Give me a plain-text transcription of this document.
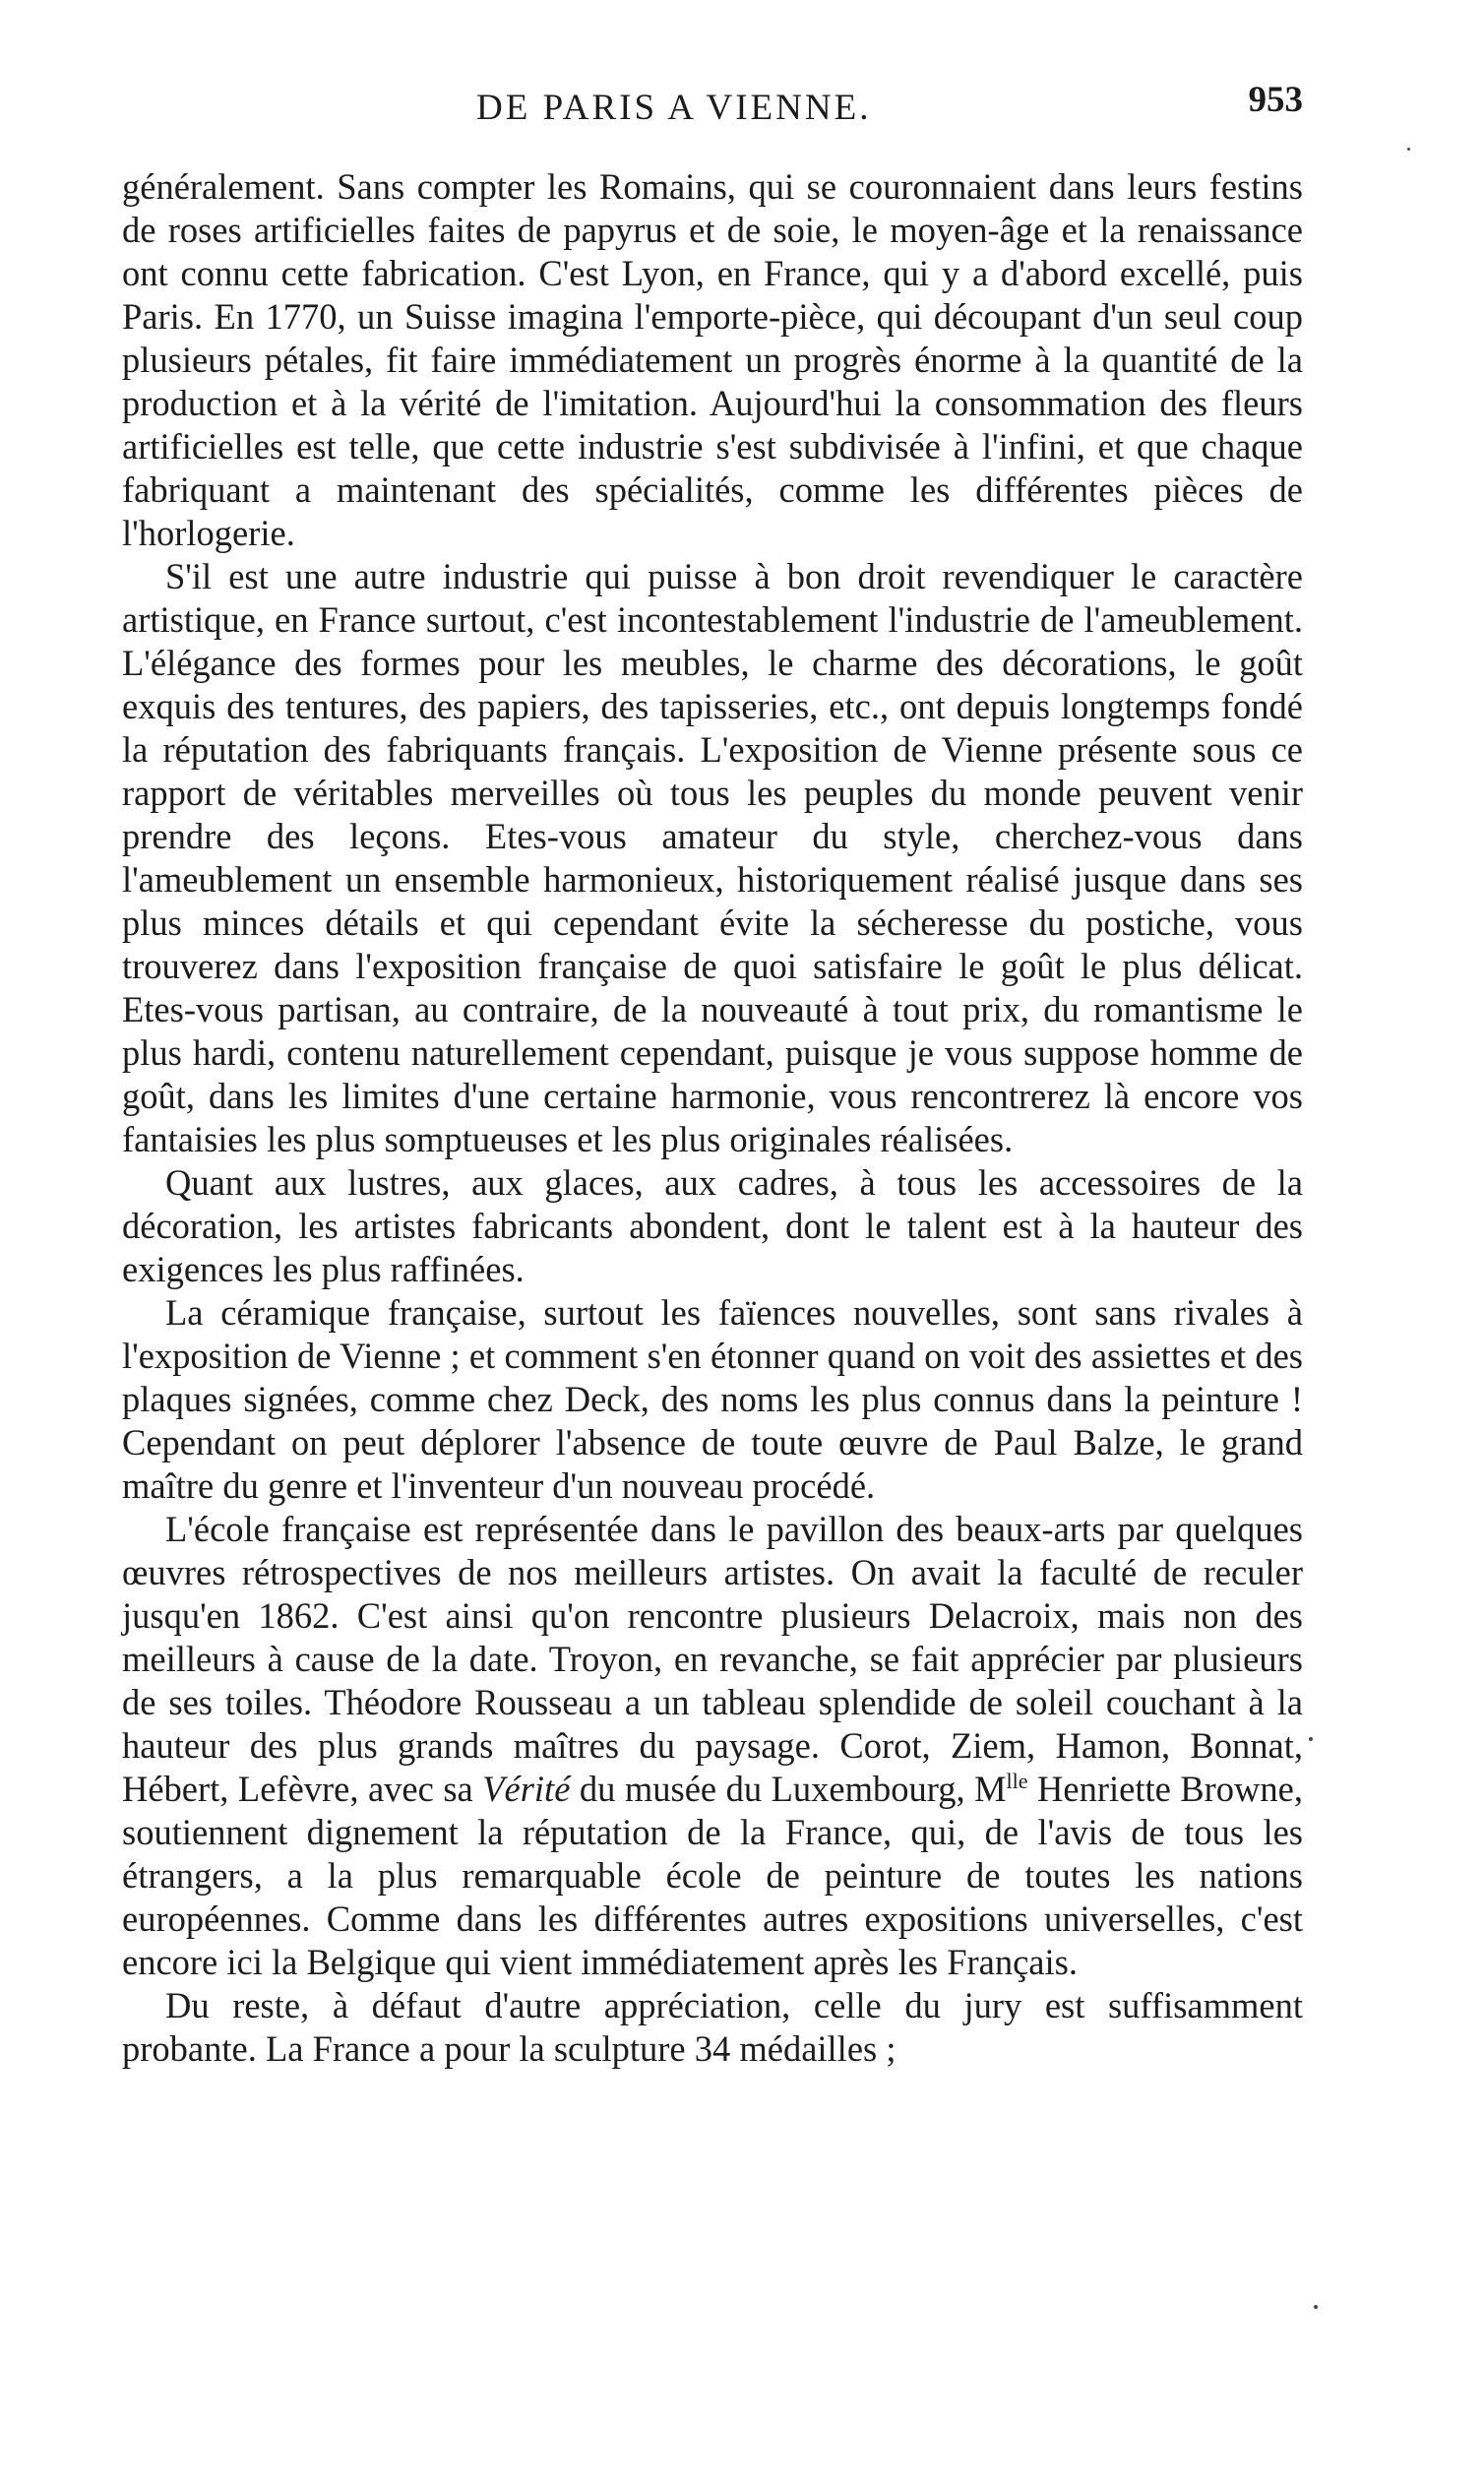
DE PARIS A VIENNE.	953

généralement. Sans compter les Romains, qui se couronnaient dans leurs festins de roses artificielles faites de papyrus et de soie, le moyen-âge et la renaissance ont connu cette fabrication. C'est Lyon, en France, qui y a d'abord excellé, puis Paris. En 1770, un Suisse imagina l'emporte-pièce, qui découpant d'un seul coup plusieurs pétales, fit faire immédiatement un progrès énorme à la quantité de la production et à la vérité de l'imitation. Aujourd'hui la consommation des fleurs artificielles est telle, que cette industrie s'est subdivisée à l'infini, et que chaque fabriquant a maintenant des spécialités, comme les différentes pièces de l'horlogerie.

S'il est une autre industrie qui puisse à bon droit revendiquer le caractère artistique, en France surtout, c'est incontestablement l'industrie de l'ameublement. L'élégance des formes pour les meubles, le charme des décorations, le goût exquis des tentures, des papiers, des tapisseries, etc., ont depuis longtemps fondé la réputation des fabriquants français. L'exposition de Vienne présente sous ce rapport de véritables merveilles où tous les peuples du monde peuvent venir prendre des leçons. Etes-vous amateur du style, cherchez-vous dans l'ameublement un ensemble harmonieux, historiquement réalisé jusque dans ses plus minces détails et qui cependant évite la sécheresse du postiche, vous trouverez dans l'exposition française de quoi satisfaire le goût le plus délicat. Etes-vous partisan, au contraire, de la nouveauté à tout prix, du romantisme le plus hardi, contenu naturellement cependant, puisque je vous suppose homme de goût, dans les limites d'une certaine harmonie, vous rencontrerez là encore vos fantaisies les plus somptueuses et les plus originales réalisées.

Quant aux lustres, aux glaces, aux cadres, à tous les accessoires de la décoration, les artistes fabricants abondent, dont le talent est à la hauteur des exigences les plus raffinées.

La céramique française, surtout les faïences nouvelles, sont sans rivales à l'exposition de Vienne ; et comment s'en étonner quand on voit des assiettes et des plaques signées, comme chez Deck, des noms les plus connus dans la peinture ! Cependant on peut déplorer l'absence de toute œuvre de Paul Balze, le grand maître du genre et l'inventeur d'un nouveau procédé.

L'école française est représentée dans le pavillon des beaux-arts par quelques œuvres rétrospectives de nos meilleurs artistes. On avait la faculté de reculer jusqu'en 1862. C'est ainsi qu'on rencontre plusieurs Delacroix, mais non des meilleurs à cause de la date. Troyon, en revanche, se fait apprécier par plusieurs de ses toiles. Théodore Rousseau a un tableau splendide de soleil couchant à la hauteur des plus grands maîtres du paysage. Corot, Ziem, Hamon, Bonnat, Hébert, Lefèvre, avec sa Vérité du musée du Luxembourg, $M^{lle}$ Henriette Browne, soutiennent dignement la réputation de la France, qui, de l'avis de tous les étrangers, a la plus remarquable école de peinture de toutes les nations européennes. Comme dans les différentes autres expositions universelles, c'est encore ici la Belgique qui vient immédiatement après les Français.

Du reste, à défaut d'autre appréciation, celle du jury est suffisamment probante. La France a pour la sculpture 34 médailles ;
